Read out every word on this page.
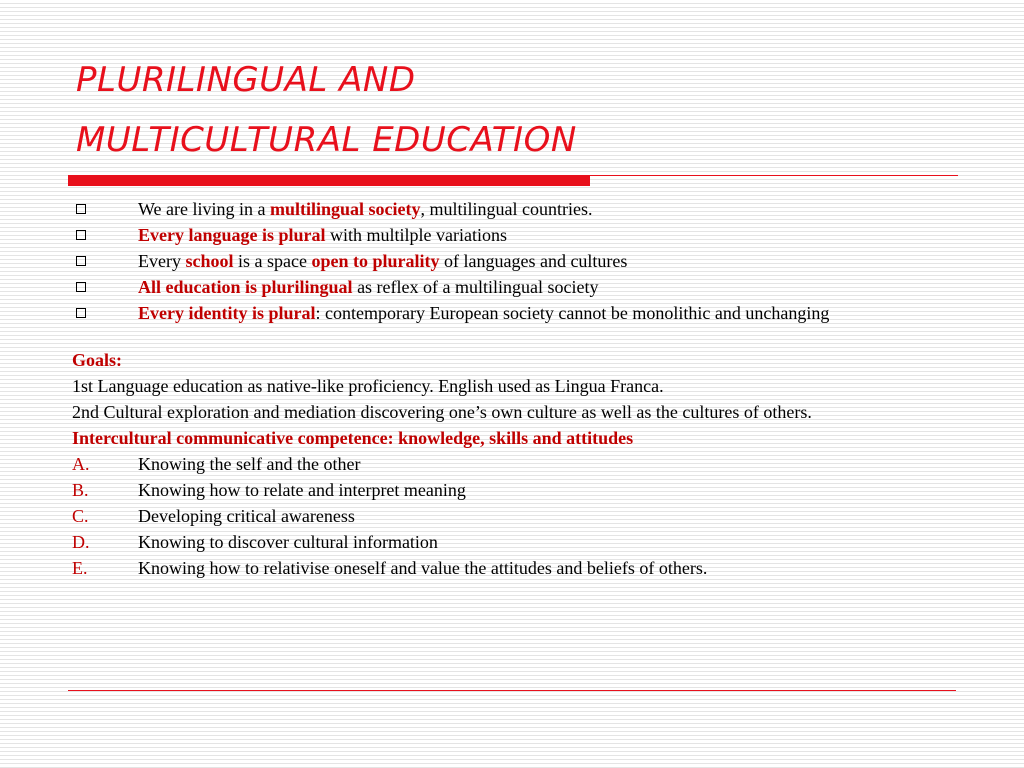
PLURILINGUAL AND
MULTICULTURAL EDUCATION
We are living in a multilingual society, multilingual countries.
Every language is plural with multilple variations
Every school is a space open to plurality of languages and cultures
All education is plurilingual as reflex of a multilingual society
Every identity is plural: contemporary European society cannot be monolithic and unchanging

Goals:

1st Language education as native-like proficiency. English used as Lingua Franca.

2nd Cultural exploration and mediation discovering one’s own culture as well as the cultures of others.

Intercultural communicative competence: knowledge, skills and attitudes

A.	Knowing the self and the other
B.	Knowing how to relate and interpret meaning
C.	Developing critical awareness
D.	Knowing to discover cultural information
E.	Knowing how to relativise oneself and value the attitudes and beliefs of others.
